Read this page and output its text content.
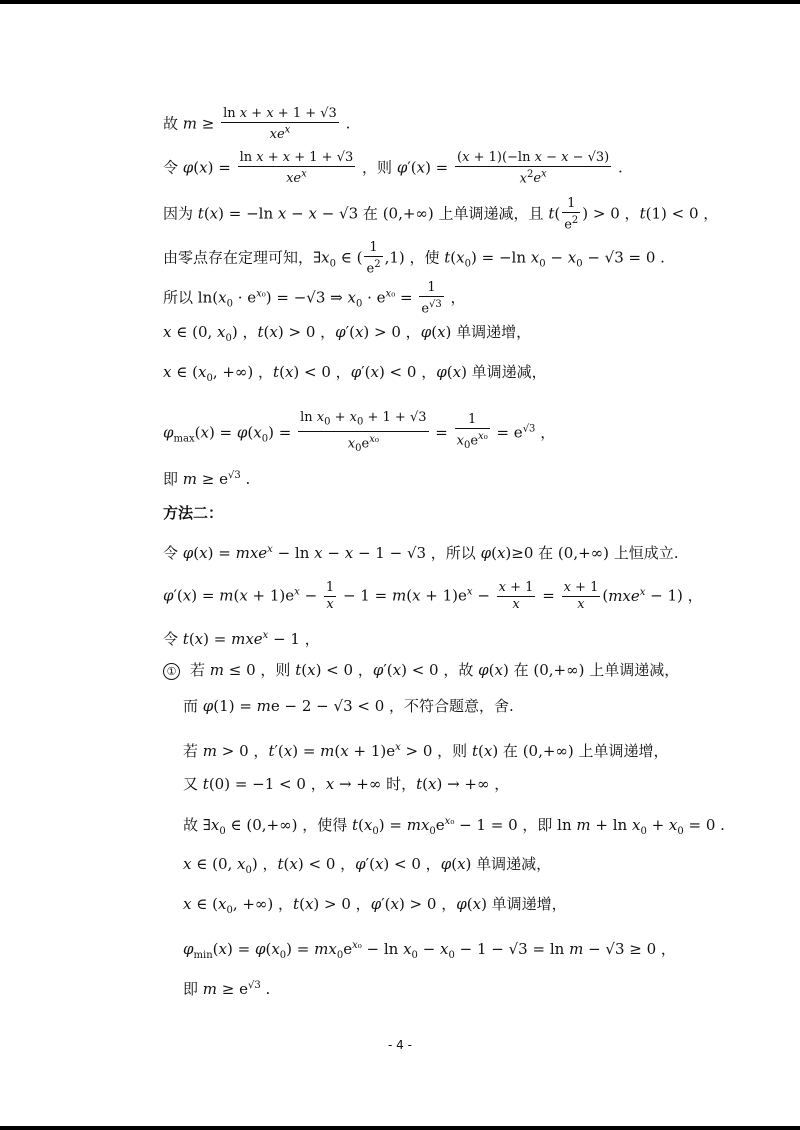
故 $m \ge \frac{\text{ln x + x + 1 + √3}}{xe^x}$ .
令 $\varphi(x) = \frac{\text{ln x + x + 1 + √3}}{xe^x}$ ，则 $\varphi'(x) = \frac{\text{(x + 1)(−ln x − x − √3)}}{x^2e^x}$ .
因为 t(x) = −ln x − x − √3 在 (0,+∞) 上单调递减，且 $t( \frac{1}{e^2}$ ) > 0 ，t(1) < 0 ，
由零点存在定理可知，$\exists x_0$ ∈ ( $\frac{1}{e^2} ,1$) ，使 $t(x_0) = -\ln$ $x_0 - x_0 - √3 = 0$ .
所以 $\ln(x_0 \cdot e^{x_0}) = -√3$ ⇒ $x_0 \cdot e^{x_0} = \frac{1}{e^{√3}}$ ，
x ∈ (0, $x_0$) ，t(x) > 0 ，φ′(x) > 0 ，φ(x) 单调递增，
x ∈ ($x_0$, +∞) ，t(x) < 0 ，φ′(x) < 0 ，φ(x) 单调递减，
$\varphi_{max}(x) = \varphi(x_0) = \frac{\ln x_0 + x_0 + 1 + √3}{x_0e^{x_0}} = \frac{1}{x_0e^{x_0}} = e^{√3}$ ，
即 $m \ge e^{√3}$ .
方法二：
令 φ(x) = mxe$^x$ − ln x − x − 1 − √3 ，所以 φ(x)≥0 在 (0,+∞) 上恒成立.
$\varphi'(x) = m(x + 1)e^x - \frac{1}{x} - 1 = m(x + 1)e^x - \frac{x + 1}{x} = \frac{x + 1}{x} (mxe^x - 1)$ ，
令 t(x) = mxe$^x$ − 1 ，
① 若 m ≤ 0 ，则 t(x) < 0 ，φ′(x) < 0 ，故 φ(x) 在 (0,+∞) 上单调递减，
而 φ(1) = me − 2 − √3 < 0 ，不符合题意，舍.
若 m > 0 ，$t'(x) = m(x + 1)e^x > 0$ ，则 t(x) 在 (0,+∞) 上单调递增，
又 t(0) = −1 < 0 ，x → +∞ 时，t(x) → +∞ ，
故 $\exists x_0$ ∈ (0,+∞) ，使得 $t(x_0) = mx_0e^{x_0} - 1 = 0$ ，即 $\ln m + \ln x_0 + x_0 = 0$ .
x ∈ (0, $x_0$) ，t(x) < 0 ，φ′(x) < 0 ，φ(x) 单调递减，
x ∈ ($x_0$, +∞) ，t(x) > 0 ，φ′(x) > 0 ，φ(x) 单调递增，
$\varphi_{min}(x) = \varphi(x_0) = mx_0e^{x_0} - \ln x_0 - x_0 - 1 - √3 = \ln m - √3 \ge 0$ ，
即 $m \ge e^{√3}$ .
- 4 -
